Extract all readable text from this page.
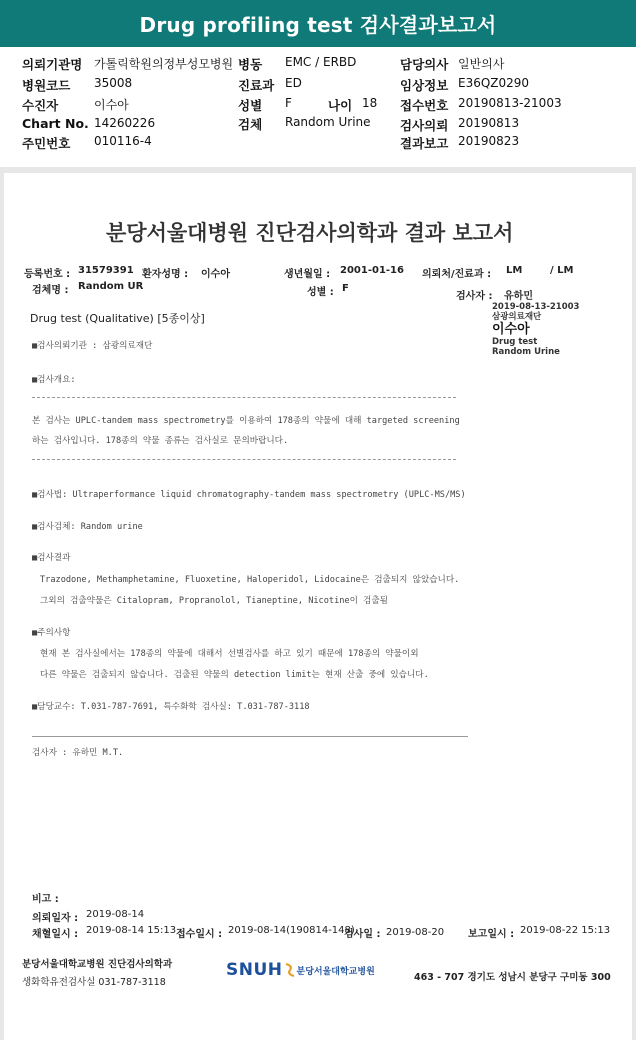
Drug profiling test 검사결과보고서
의뢰기관명 가톨릭학원의정부성모병원 병동 EMC / ERBD	담당의사 일반의사
병원코드 35008	진료과 ED	임상정보 E36QZ0290
수진자	이수아	성별 F	나이 18 접수번호 20190813-21003
Chart No. 14260226	검체 Random Urine 검사의뢰 20190813
주민번호 010116-4	결과보고 20190823
분당서울대병원 진단검사의학과 결과 보고서
등록번호 : 31579391 환자성명 : 이수아	생년월일 : 2001-01-16 의뢰처/진료과 : LM	/ LM
검체명 : Random UR
성별 : F
검사자 : 유하민
Drug test (Qualitative) [5종이상]
2019-08-13-21003
삼광의료재단
이수아
Drug test
Random Urine
■검사의뢰기관 : 삼광의료재단
■검사개요:
본 검사는 UPLC-tandem mass spectrometry를 이용하여 178종의 약물에 대해 targeted screening
하는 검사입니다. 178종의 약물 종류는 검사실로 문의바랍니다.
■검사법: Ultraperformance liquid chromatography-tandem mass spectrometry (UPLC-MS/MS)
■검사검체: Random urine
■검사결과
Trazodone, Methamphetamine, Fluoxetine, Haloperidol, Lidocaine은 검출되지 않았습니다.
그외의 검출약물은 Citalopram, Propranolol, Tianeptine, Nicotine이 검출됨
■주의사항
현재 본 검사실에서는 178종의 약물에 대해서 선별검사를 하고 있기 때문에 178종의 약물이외
다른 약물은 검출되지 않습니다. 검출된 약물의 detection limit는 현재 산출 중에 있습니다.
■담당교수: T.031-787-7691, 특수화학 검사실: T.031-787-3118
검사자 : 유하민 M.T.
비고 :
의뢰일자 : 2019-08-14
채혈일시 : 2019-08-14 15:13 접수일시 : 2019-08-14(190814-148)
검사일 : 2019-08-20 보고일시 : 2019-08-22 15:13
분당서울대학교병원 진단검사의학과
생화학유전검사실 031-787-3118
SNUH 분당서울대학교병원
463 - 707 경기도 성남시 분당구 구미동 300
